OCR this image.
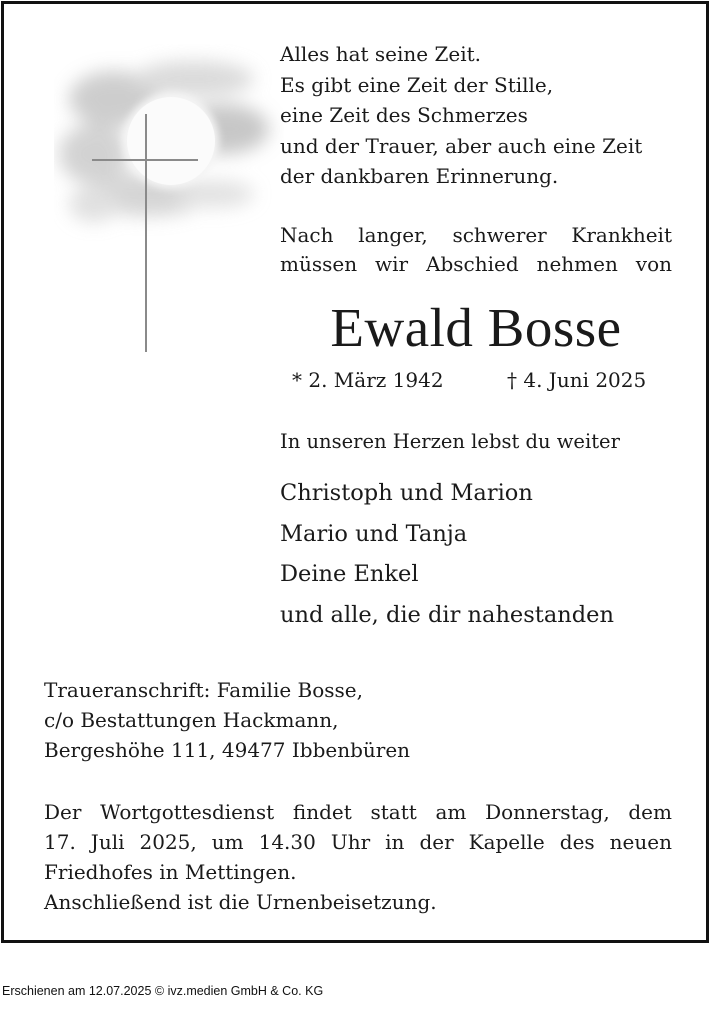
Alles hat seine Zeit.
Es gibt eine Zeit der Stille,
eine Zeit des Schmerzes
und der Trauer, aber auch eine Zeit
der dankbaren Erinnerung.
Nach langer, schwerer Krankheit
müssen wir Abschied nehmen von
Ewald Bosse
* 2. März 1942	† 4. Juni 2025
In unseren Herzen lebst du weiter
Christoph und Marion
Mario und Tanja
Deine Enkel
und alle, die dir nahestanden
Traueranschrift: Familie Bosse,
c/o Bestattungen Hackmann,
Bergeshöhe 111, 49477 Ibbenbüren
Der Wortgottesdienst findet statt am Donnerstag, dem
17. Juli 2025, um 14.30 Uhr in der Kapelle des neuen
Friedhofes in Mettingen.
Anschließend ist die Urnenbeisetzung.
Erschienen am 12.07.2025 © ivz.medien GmbH & Co. KG
